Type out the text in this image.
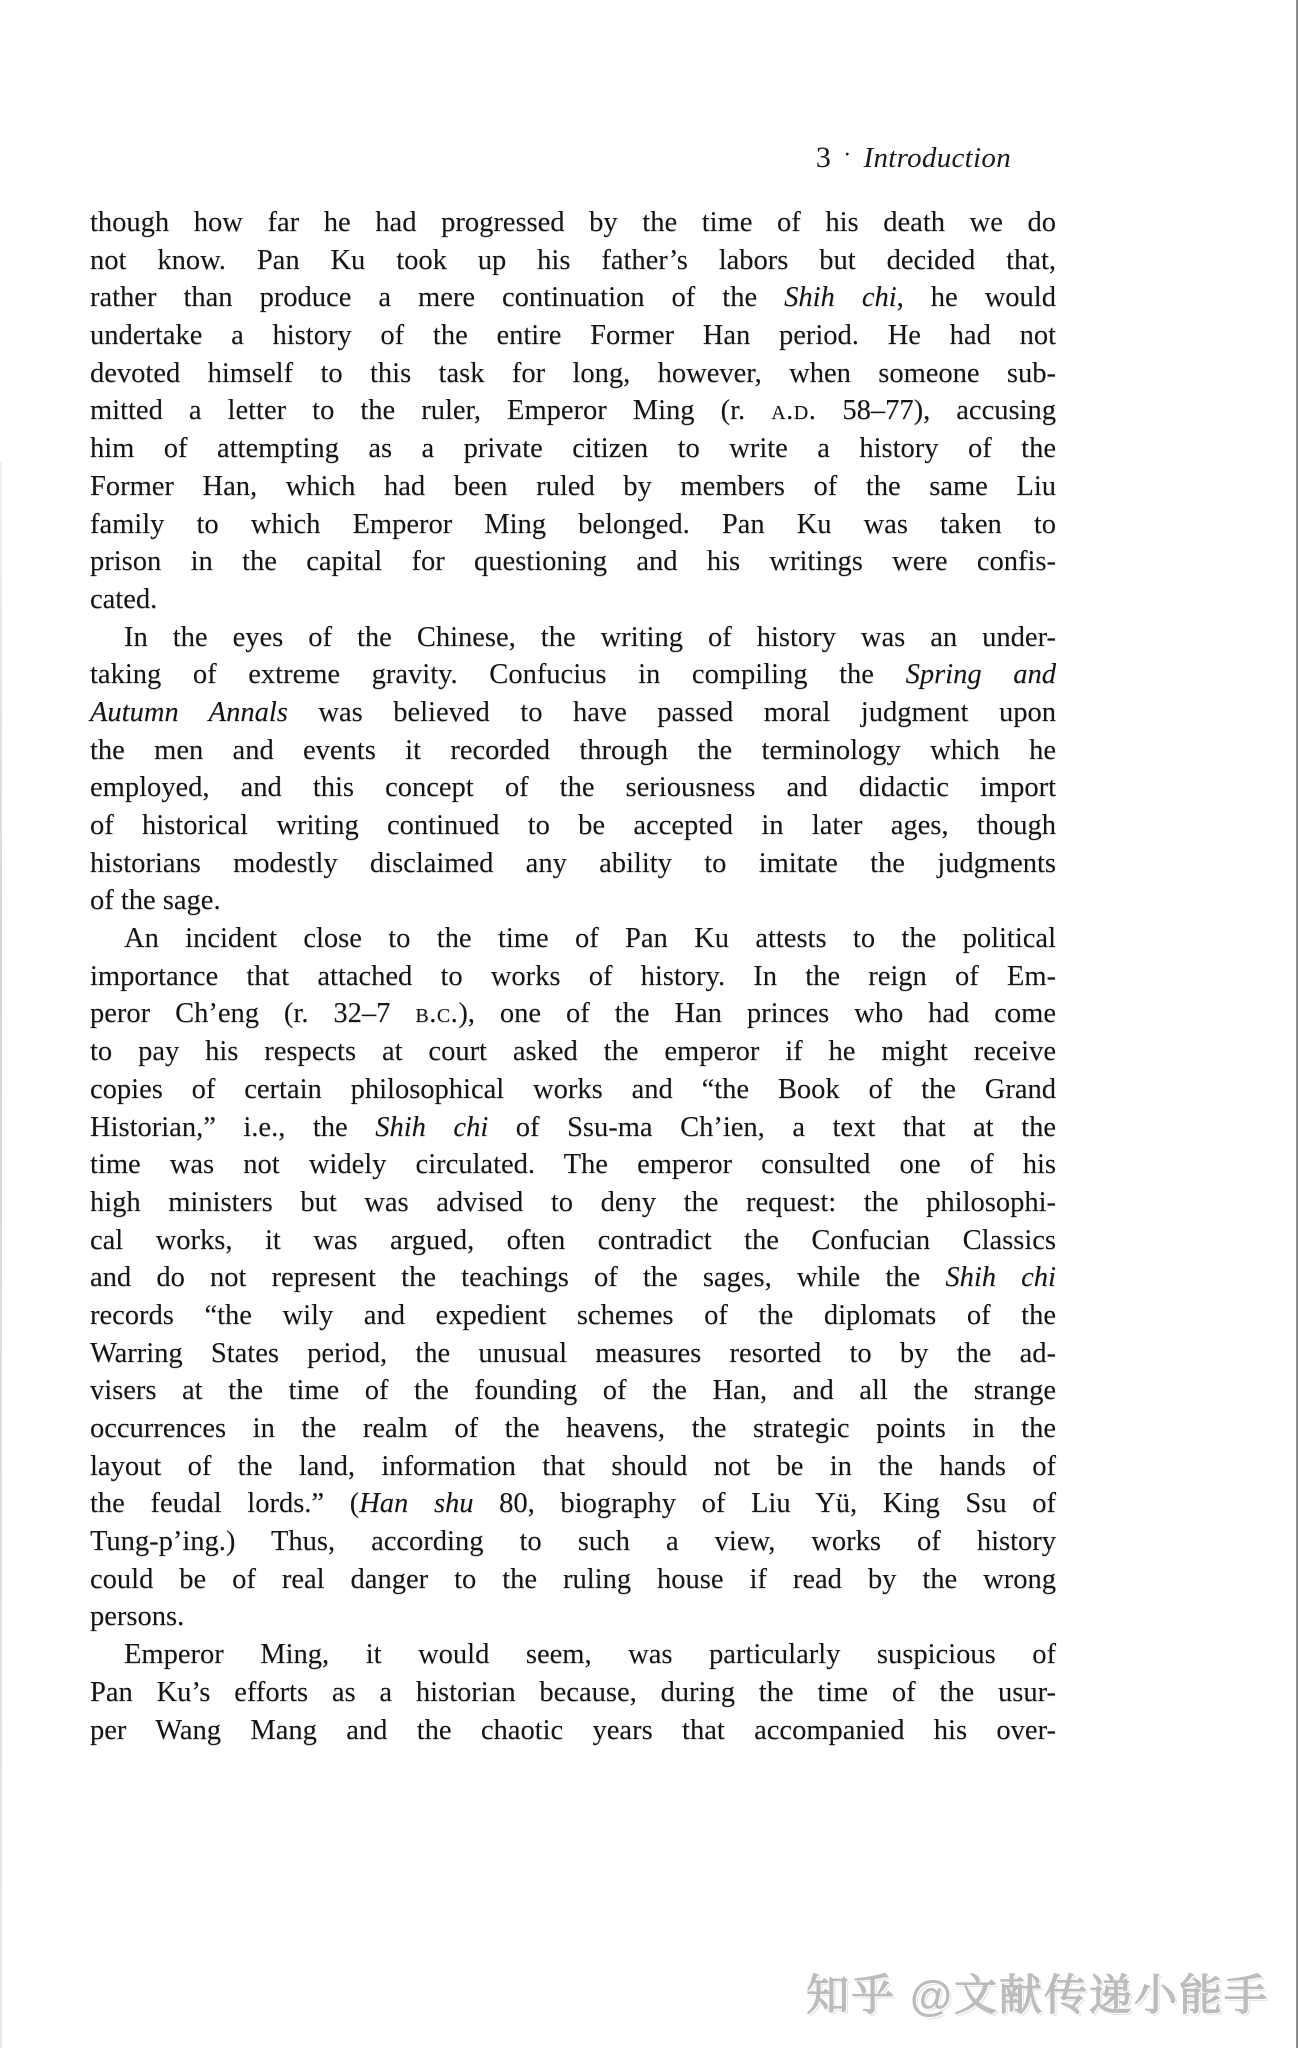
3 · Introduction
though how far he had progressed by the time of his death we do
not know. Pan Ku took up his father’s labors but decided that,
rather than produce a mere continuation of the Shih chi, he would
undertake a history of the entire Former Han period. He had not
devoted himself to this task for long, however, when someone sub-
mitted a letter to the ruler, Emperor Ming (r. a.d. 58–77), accusing
him of attempting as a private citizen to write a history of the
Former Han, which had been ruled by members of the same Liu
family to which Emperor Ming belonged. Pan Ku was taken to
prison in the capital for questioning and his writings were confis-
cated.
In the eyes of the Chinese, the writing of history was an under-
taking of extreme gravity. Confucius in compiling the Spring and
Autumn Annals was believed to have passed moral judgment upon
the men and events it recorded through the terminology which he
employed, and this concept of the seriousness and didactic import
of historical writing continued to be accepted in later ages, though
historians modestly disclaimed any ability to imitate the judgments
of the sage.
An incident close to the time of Pan Ku attests to the political
importance that attached to works of history. In the reign of Em-
peror Ch’eng (r. 32–7 b.c.), one of the Han princes who had come
to pay his respects at court asked the emperor if he might receive
copies of certain philosophical works and “the Book of the Grand
Historian,” i.e., the Shih chi of Ssu-ma Ch’ien, a text that at the
time was not widely circulated. The emperor consulted one of his
high ministers but was advised to deny the request: the philosophi-
cal works, it was argued, often contradict the Confucian Classics
and do not represent the teachings of the sages, while the Shih chi
records “the wily and expedient schemes of the diplomats of the
Warring States period, the unusual measures resorted to by the ad-
visers at the time of the founding of the Han, and all the strange
occurrences in the realm of the heavens, the strategic points in the
layout of the land, information that should not be in the hands of
the feudal lords.” (Han shu 80, biography of Liu Yü, King Ssu of
Tung-p’ing.) Thus, according to such a view, works of history
could be of real danger to the ruling house if read by the wrong
persons.
Emperor Ming, it would seem, was particularly suspicious of
Pan Ku’s efforts as a historian because, during the time of the usur-
per Wang Mang and the chaotic years that accompanied his over-
知乎 @文献传递小能手
